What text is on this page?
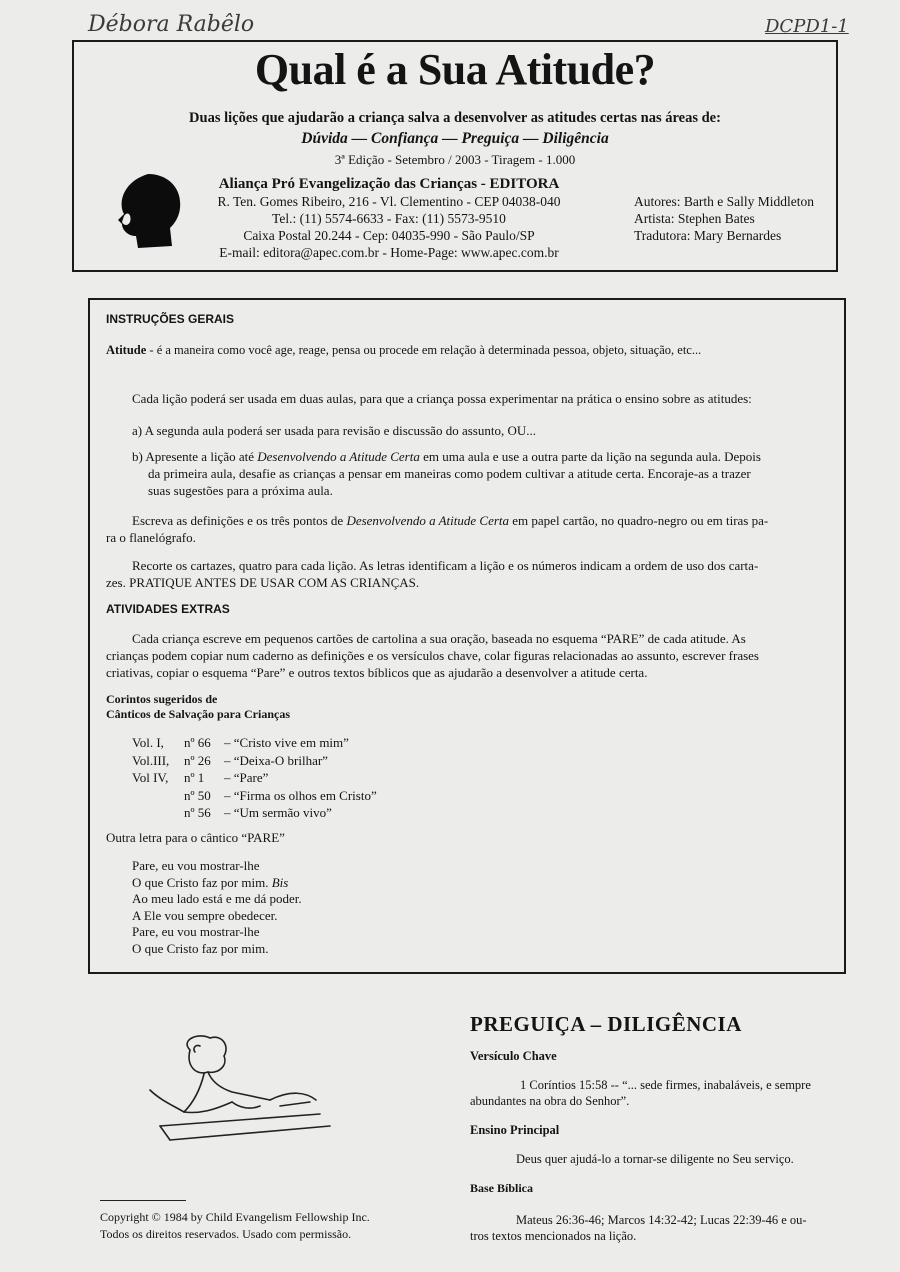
Débora Rabêlo	DCPD1-1
Qual é a Sua Atitude?
Duas lições que ajudarão a criança salva a desenvolver as atitudes certas nas áreas de:
Dúvida — Confiança — Preguiça — Diligência
3ª Edição - Setembro / 2003 - Tiragem - 1.000
Aliança Pró Evangelização das Crianças - EDITORA
R. Ten. Gomes Ribeiro, 216 - Vl. Clementino - CEP 04038-040
Tel.: (11) 5574-6633 - Fax: (11) 5573-9510
Caixa Postal 20.244 - Cep: 04035-990 - São Paulo/SP
E-mail: editora@apec.com.br - Home-Page: www.apec.com.br
Autores: Barth e Sally Middleton
Artista: Stephen Bates
Tradutora: Mary Bernardes
INSTRUÇÕES GERAIS
Atitude - é a maneira como você age, reage, pensa ou procede em relação à determinada pessoa, objeto, situação, etc...
Cada lição poderá ser usada em duas aulas, para que a criança possa experimentar na prática o ensino sobre as atitudes:
a) A segunda aula poderá ser usada para revisão e discussão do assunto, OU...
b) Apresente a lição até Desenvolvendo a Atitude Certa em uma aula e use a outra parte da lição na segunda aula. Depois
da primeira aula, desafie as crianças a pensar em maneiras como podem cultivar a atitude certa. Encoraje-as a trazer
suas sugestões para a próxima aula.
Escreva as definições e os três pontos de Desenvolvendo a Atitude Certa em papel cartão, no quadro-negro ou em tiras pa-
ra o flanelógrafo.
Recorte os cartazes, quatro para cada lição. As letras identificam a lição e os números indicam a ordem de uso dos carta-
zes. PRATIQUE ANTES DE USAR COM AS CRIANÇAS.
ATIVIDADES EXTRAS
Cada criança escreve em pequenos cartões de cartolina a sua oração, baseada no esquema “PARE” de cada atitude. As
crianças podem copiar num caderno as definições e os versículos chave, colar figuras relacionadas ao assunto, escrever frases
criativas, copiar o esquema “Pare” e outros textos bíblicos que as ajudarão a desenvolver a atitude certa.
Corintos sugeridos de
Cânticos de Salvação para Crianças
Vol. I, nº 66 – “Cristo vive em mim”
Vol.III, nº 26 – “Deixa-O brilhar”
Vol IV, nº 1 – “Pare”
nº 50 – “Firma os olhos em Cristo”
nº 56 – “Um sermão vivo”
Outra letra para o cântico “PARE”
Pare, eu vou mostrar-lhe
O que Cristo faz por mim. Bis
Ao meu lado está e me dá poder.
A Ele vou sempre obedecer.
Pare, eu vou mostrar-lhe
O que Cristo faz por mim.
PREGUIÇA – DILIGÊNCIA
Versículo Chave
1 Coríntios 15:58 -- “... sede firmes, inabaláveis, e sempre
abundantes na obra do Senhor”.
Ensino Principal
Deus quer ajudá-lo a tornar-se diligente no Seu serviço.
Base Bíblica
Mateus 26:36-46; Marcos 14:32-42; Lucas 22:39-46 e ou-
tros textos mencionados na lição.
Copyright © 1984 by Child Evangelism Fellowship Inc.
Todos os direitos reservados. Usado com permissão.
